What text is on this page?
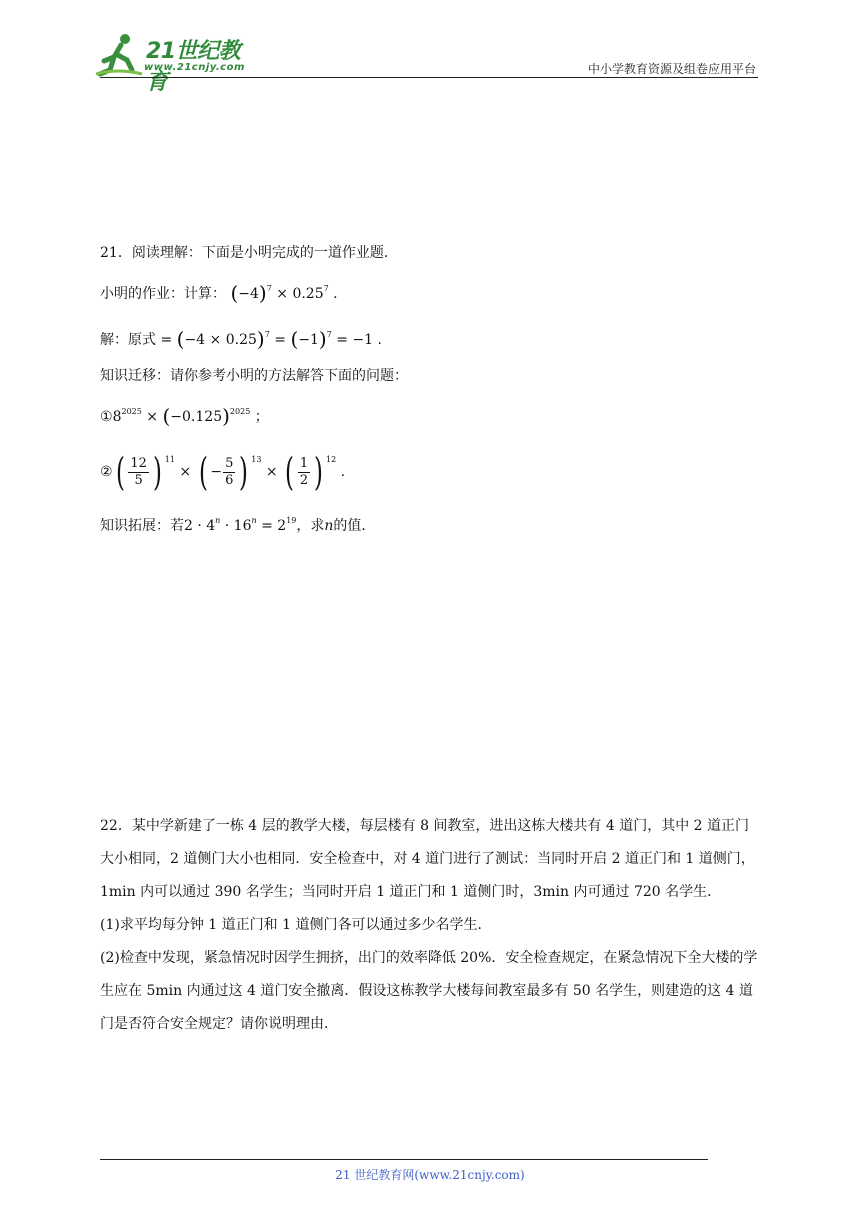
21世纪教育
www.21cnjy.com	中小学教育资源及组卷应用平台
21．阅读理解：下面是小明完成的一道作业题．
小明的作业：计算： $(-4)^7 \times 0.25^7$ .
解：原式 = $(-4 \times 0.25)^7 = (-1)^7 = -1$ .
知识迁移：请你参考小明的方法解答下面的问题：
$①8^{2025} \times (-0.125)^{2025}$ ；
②( $\frac{12}{5}$ ) $^{11}$ × ( − $\frac{5}{6}$ ) $^{13}$ × ( $\frac{1}{2}$ ) $^{12}$ .
知识拓展：若$2 \cdot 4^n \cdot 16^n = 2^{19}$，求n的值．
22．某中学新建了一栋 4 层的教学大楼，每层楼有 8 间教室，进出这栋大楼共有 4 道门，其中 2 道正门大小相同，2 道侧门大小也相同．安全检查中，对 4 道门进行了测试：当同时开启 2 道正门和 1 道侧门，1min 内可以通过 390 名学生；当同时开启 1 道正门和 1 道侧门时，3min 内可通过 720 名学生．
(1)求平均每分钟 1 道正门和 1 道侧门各可以通过多少名学生．
(2)检查中发现，紧急情况时因学生拥挤，出门的效率降低 20%．安全检查规定，在紧急情况下全大楼的学生应在 5min 内通过这 4 道门安全撤离．假设这栋教学大楼每间教室最多有 50 名学生，则建造的这 4 道门是否符合安全规定？请你说明理由．
21 世纪教育网(www.21cnjy.com)
